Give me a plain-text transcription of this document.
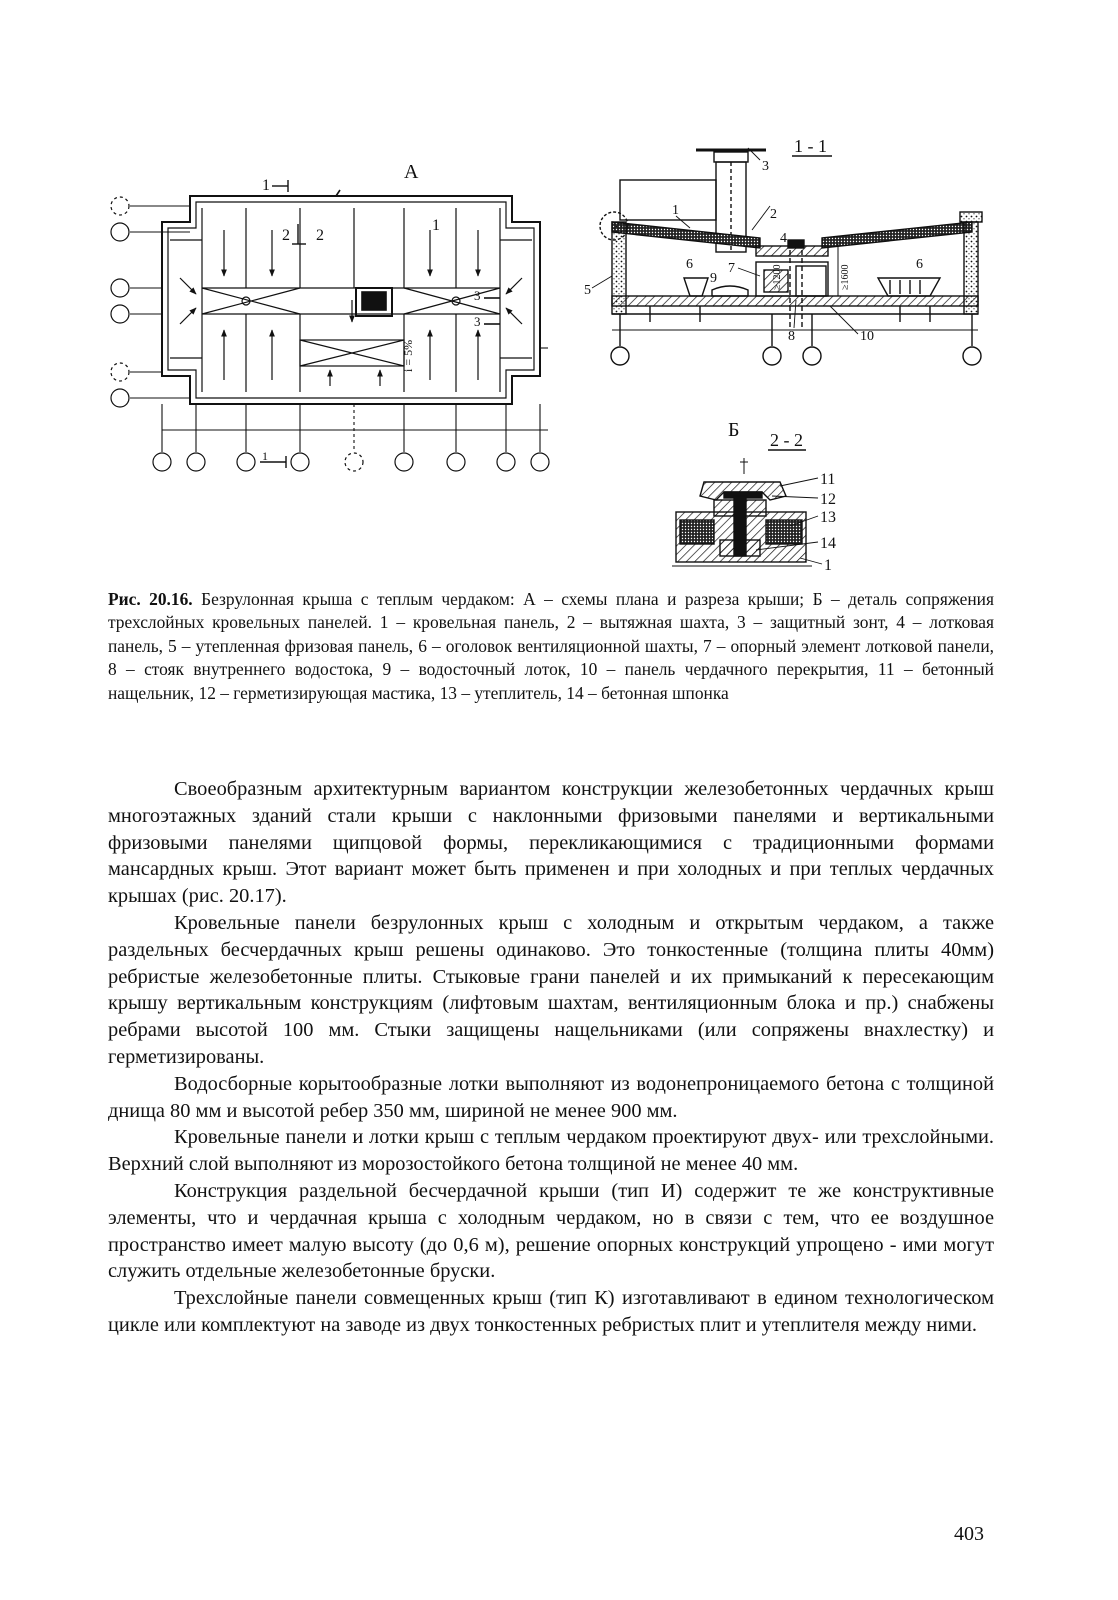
А
i = 5%
1
2 2
1
3
3
1
1 - 1
≥1200	≥1600
1	2
3
4
5
6	6
7
8
9
10
Б 2 - 2
11
12
13
14
1

Рис. 20.16. Безрулонная крыша с теплым чердаком: А – схемы плана и разреза крыши; Б – деталь сопряжения трехслойных кровельных панелей. 1 – кровельная панель, 2 – вытяжная шахта, 3 – защитный зонт, 4 – лотковая панель, 5 – утепленная фризовая панель, 6 – оголовок вентиляционной шахты, 7 – опорный элемент лотковой панели, 8 – стояк внутреннего водостока, 9 – водосточный лоток, 10 – панель чердачного перекрытия, 11 – бетонный нащельник, 12 – герметизирующая мастика, 13 – утеплитель, 14 – бетонная шпонка

Своеобразным архитектурным вариантом конструкции железобетонных чердачных крыш многоэтажных зданий стали крыши с наклонными фризовыми панелями и вертикальными фризовыми панелями щипцовой формы, перекликающимися с традиционными формами мансардных крыш. Этот вариант может быть применен и при холодных и при теплых чердачных крышах (рис. 20.17).

Кровельные панели безрулонных крыш с холодным и открытым чердаком, а также раздельных бесчердачных крыш решены одинаково. Это тонкостенные (толщина плиты 40мм) ребристые железобетонные плиты. Стыковые грани панелей и их примыканий к пересекающим крышу вертикальным конструкциям (лифтовым шахтам, вентиляционным блока и пр.) снабжены ребрами высотой 100 мм. Стыки защищены нащельниками (или сопряжены внахлестку) и герметизированы.

Водосборные корытообразные лотки выполняют из водонепроницаемого бетона с толщиной днища 80 мм и высотой ребер 350 мм, шириной не менее 900 мм.

Кровельные панели и лотки крыш с теплым чердаком проектируют двух- или трехслойными. Верхний слой выполняют из морозостойкого бетона толщиной не менее 40 мм.

Конструкция раздельной бесчердачной крыши (тип И) содержит те же конструктивные элементы, что и чердачная крыша с холодным чердаком, но в связи с тем, что ее воздушное пространство имеет малую высоту (до 0,6 м), решение опорных конструкций упрощено - ими могут служить отдельные железобетонные бруски.

Трехслойные панели совмещенных крыш (тип К) изготавливают в едином технологическом цикле или комплектуют на заводе из двух тонкостенных ребристых плит и утеплителя между ними.

403
